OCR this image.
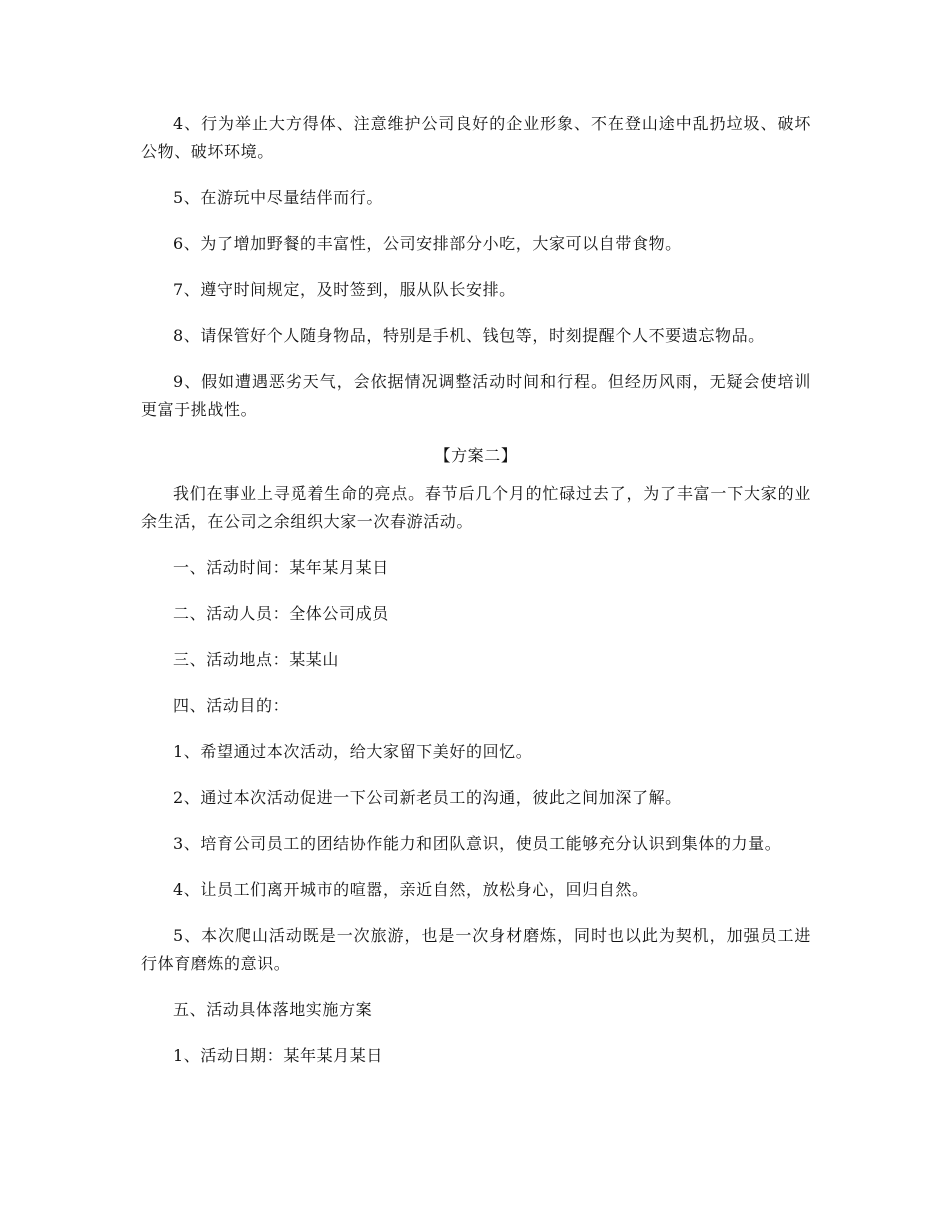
4、行为举止大方得体、注意维护公司良好的企业形象、不在登山途中乱扔垃圾、破坏公物、破坏环境。

5、在游玩中尽量结伴而行。

6、为了增加野餐的丰富性，公司安排部分小吃，大家可以自带食物。

7、遵守时间规定，及时签到，服从队长安排。

8、请保管好个人随身物品，特别是手机、钱包等，时刻提醒个人不要遗忘物品。

9、假如遭遇恶劣天气，会依据情况调整活动时间和行程。但经历风雨，无疑会使培训更富于挑战性。

【方案二】

我们在事业上寻觅着生命的亮点。春节后几个月的忙碌过去了，为了丰富一下大家的业余生活，在公司之余组织大家一次春游活动。

一、活动时间：某年某月某日

二、活动人员：全体公司成员

三、活动地点：某某山

四、活动目的：

1、希望通过本次活动，给大家留下美好的回忆。

2、通过本次活动促进一下公司新老员工的沟通，彼此之间加深了解。

3、培育公司员工的团结协作能力和团队意识，使员工能够充分认识到集体的力量。

4、让员工们离开城市的喧嚣，亲近自然，放松身心，回归自然。

5、本次爬山活动既是一次旅游，也是一次身材磨炼，同时也以此为契机，加强员工进行体育磨炼的意识。

五、活动具体落地实施方案

1、活动日期：某年某月某日
